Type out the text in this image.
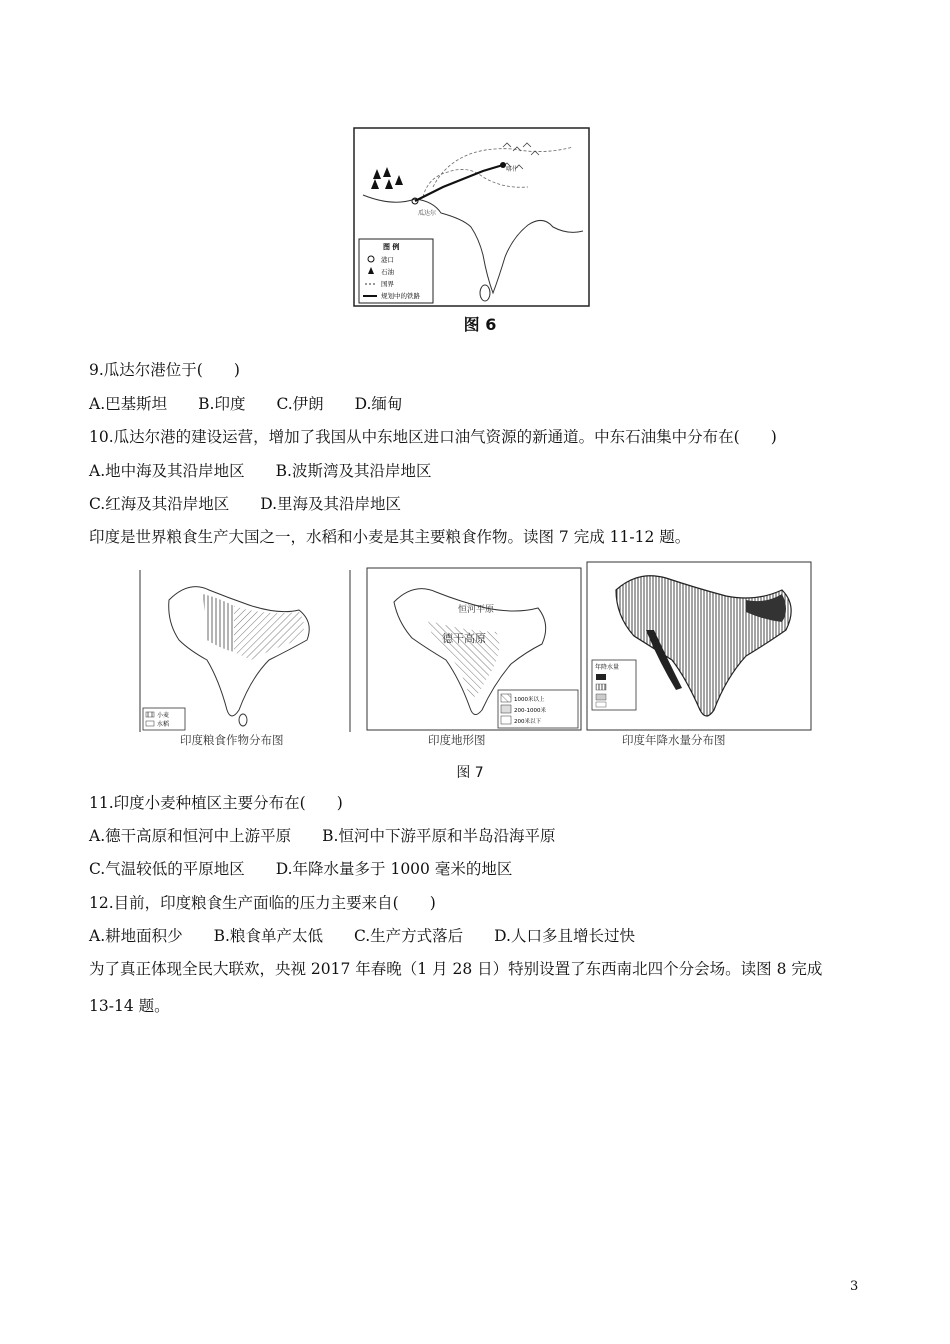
瓜达尔
喀什
图 例
港口
石油
国界
规划中的铁路
图 6
9.瓜达尔港位于(　　)
A.巴基斯坦　　B.印度　　C.伊朗　　D.缅甸
10.瓜达尔港的建设运营，增加了我国从中东地区进口油气资源的新通道。中东石油集中分布在(　　)
A.地中海及其沿岸地区　　B.波斯湾及其沿岸地区
C.红海及其沿岸地区　　D.里海及其沿岸地区
印度是世界粮食生产大国之一，水稻和小麦是其主要粮食作物。读图 7 完成 11-12 题。
小麦
水稻
印度粮食作物分布图
恒河平原
德干高原
1000米以上
200-1000米
200米以下
印度地形图
年降水量
印度年降水量分布图
图 7
11.印度小麦种植区主要分布在(　　)
A.德干高原和恒河中上游平原　　B.恒河中下游平原和半岛沿海平原
C.气温较低的平原地区　　D.年降水量多于 1000 毫米的地区
12.目前，印度粮食生产面临的压力主要来自(　　)
A.耕地面积少　　B.粮食单产太低　　C.生产方式落后　　D.人口多且增长过快
为了真正体现全民大联欢，央视 2017 年春晚（1 月 28 日）特别设置了东西南北四个分会场。读图 8 完成
13-14 题。
3
